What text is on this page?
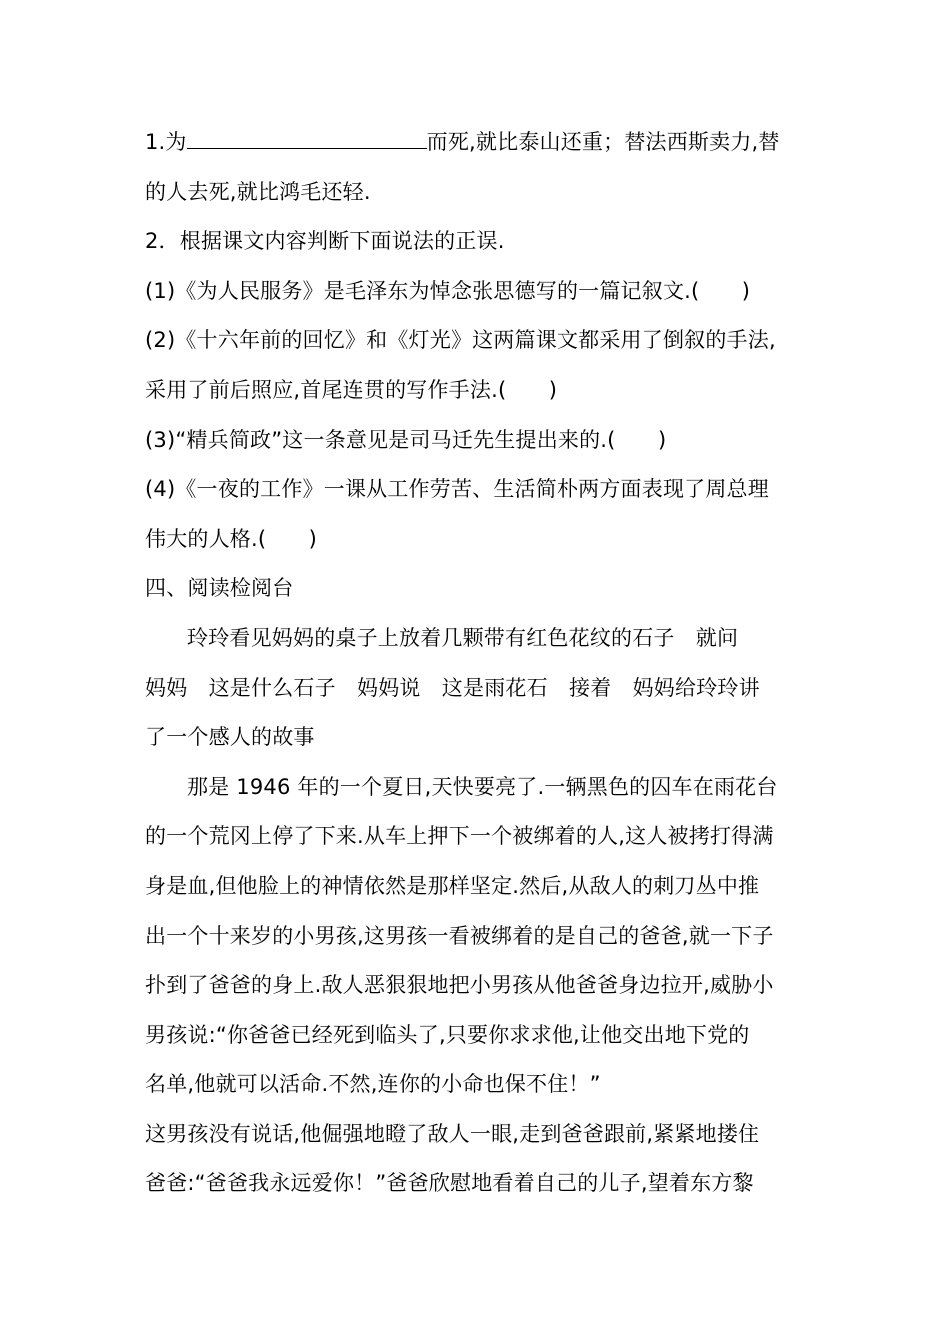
1.为	而死,就比泰山还重；替法西斯卖力,替
的人去死,就比鸿毛还轻.
2．根据课文内容判断下面说法的正误.
(1)《为人民服务》是毛泽东为悼念张思德写的一篇记叙文.(　　)
(2)《十六年前的回忆》和《灯光》这两篇课文都采用了倒叙的手法,
采用了前后照应,首尾连贯的写作手法.(　　)
(3)“精兵简政”这一条意见是司马迁先生提出来的.(　　)
(4)《一夜的工作》一课从工作劳苦、生活简朴两方面表现了周总理
伟大的人格.(　　)
四、阅读检阅台
玲玲看见妈妈的桌子上放着几颗带有红色花纹的石子　就问
妈妈　这是什么石子　妈妈说　这是雨花石　接着　妈妈给玲玲讲
了一个感人的故事
那是 1946 年的一个夏日,天快要亮了.一辆黑色的囚车在雨花台
的一个荒冈上停了下来.从车上押下一个被绑着的人,这人被拷打得满
身是血,但他脸上的神情依然是那样坚定.然后,从敌人的刺刀丛中推
出一个十来岁的小男孩,这男孩一看被绑着的是自己的爸爸,就一下子
扑到了爸爸的身上.敌人恶狠狠地把小男孩从他爸爸身边拉开,威胁小
男孩说:“你爸爸已经死到临头了,只要你求求他,让他交出地下党的
名单,他就可以活命.不然,连你的小命也保不住！”
这男孩没有说话,他倔强地瞪了敌人一眼,走到爸爸跟前,紧紧地搂住
爸爸:“爸爸我永远爱你！”爸爸欣慰地看着自己的儿子,望着东方黎
